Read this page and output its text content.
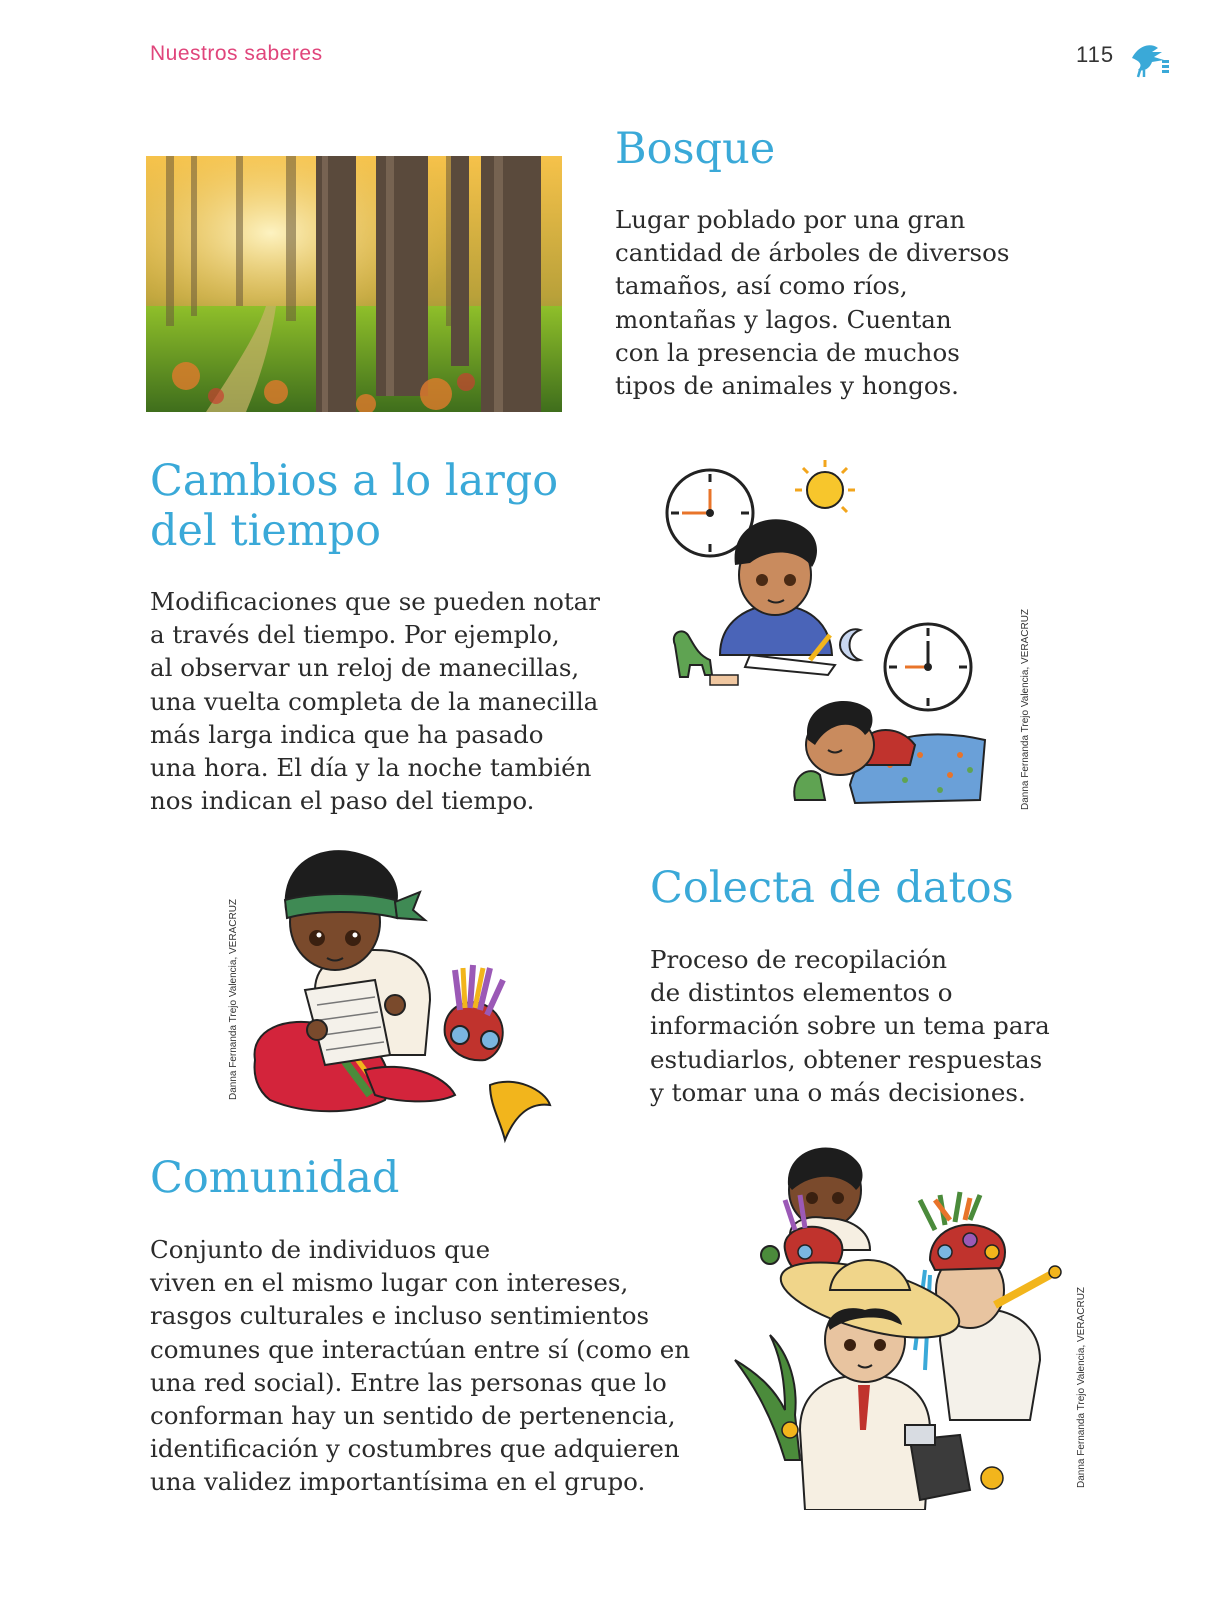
Nuestros saberes	115
Bosque

Lugar poblado por una gran
cantidad de árboles de diversos
tamaños, así como ríos,
montañas y lagos. Cuentan
con la presencia de muchos
tipos de animales y hongos.

Cambios a lo largo
del tiempo

Modificaciones que se pueden notar
a través del tiempo. Por ejemplo,
al observar un reloj de manecillas,
una vuelta completa de la manecilla
más larga indica que ha pasado
una hora. El día y la noche también
nos indican el paso del tiempo.	Danna Fernanda Trejo Valencia, VERACRUZ
Danna Fernanda Trejo Valencia, VERACRUZ
Colecta de datos

Proceso de recopilación
de distintos elementos o
información sobre un tema para
estudiarlos, obtener respuestas
y tomar una o más decisiones.

Comunidad

Conjunto de individuos que
viven en el mismo lugar con intereses,
rasgos culturales e incluso sentimientos
comunes que interactúan entre sí (como en
una red social). Entre las personas que lo
conforman hay un sentido de pertenencia,
identificación y costumbres que adquieren
una validez importantísima en el grupo.	Danna Fernanda Trejo Valencia, VERACRUZ
